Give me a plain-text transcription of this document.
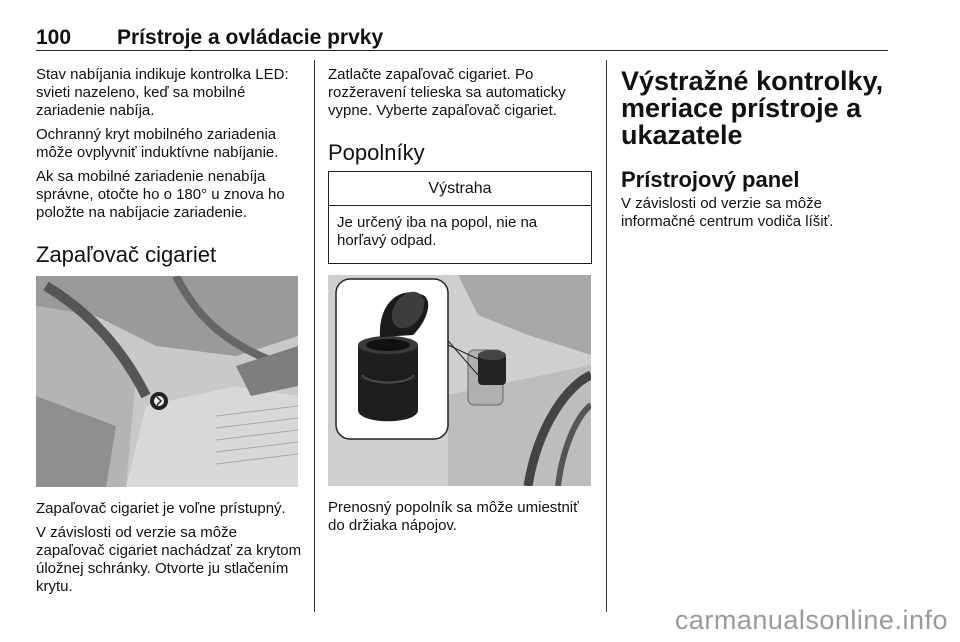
100 Prístroje a ovládacie prvky

Stav nabíjania indikuje kontrolka LED: svieti nazeleno, keď sa mobilné zariadenie nabíja.

Ochranný kryt mobilného zariadenia môže ovplyvniť induktívne nabíjanie.

Ak sa mobilné zariadenie nenabíja správne, otočte ho o 180° u znova ho položte na nabíjacie zariadenie.

Zapaľovač cigariet

Zapaľovač cigariet je voľne prístupný.

V závislosti od verzie sa môže zapaľovač cigariet nachádzať za krytom úložnej schránky. Otvorte ju stlačením krytu.

Zatlačte zapaľovač cigariet. Po rozžeravení telieska sa automaticky vypne. Vyberte zapaľovač cigariet.

Popolníky
Výstraha
Je určený iba na popol, nie na horľavý odpad.

Prenosný popolník sa môže umiestniť do držiaka nápojov.

Výstražné kontrolky, meriace prístroje a ukazatele
Prístrojový panel

V závislosti od verzie sa môže informačné centrum vodiča líšiť.

carmanualsonline.info
